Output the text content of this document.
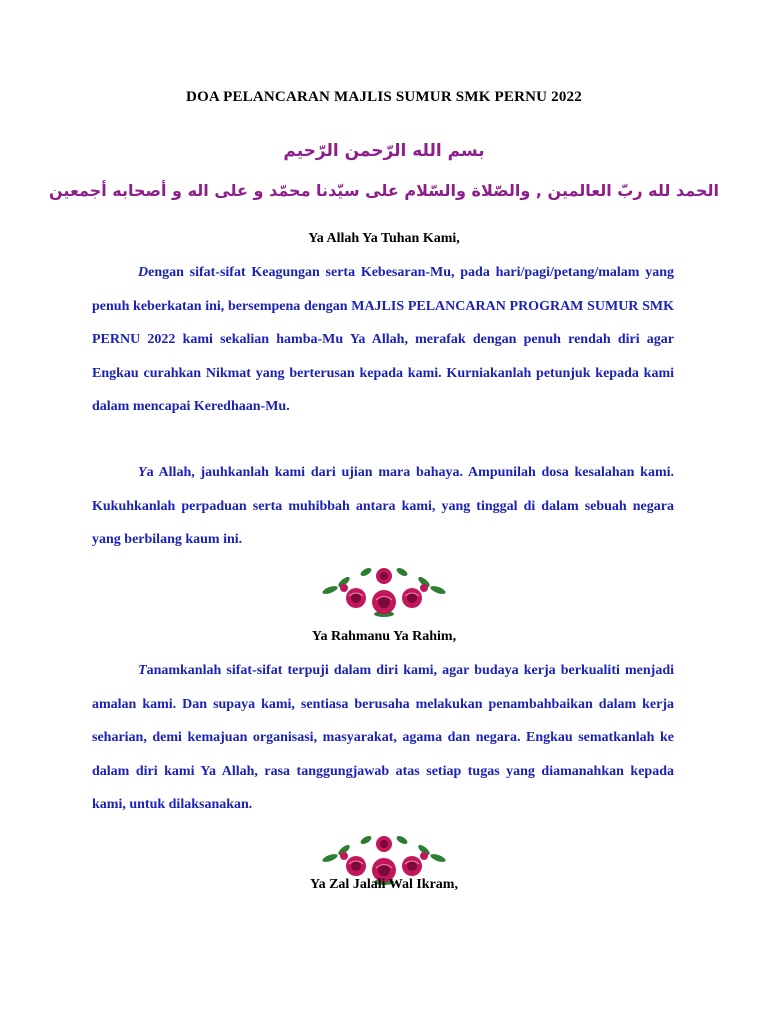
DOA PELANCARAN MAJLIS SUMUR SMK PERNU 2022
بسم الله الرّحمن الرّحيم
الحمد لله ربّ العالمين , والصّلاة والسّلام على سيّدنا محمّد و على اله و أصحابه أجمعين
Ya Allah Ya Tuhan Kami,
Dengan sifat-sifat Keagungan serta Kebesaran-Mu, pada hari/pagi/petang/malam yang penuh keberkatan ini, bersempena dengan MAJLIS PELANCARAN PROGRAM SUMUR SMK PERNU 2022 kami sekalian hamba-Mu Ya Allah, merafak dengan penuh rendah diri agar Engkau curahkan Nikmat yang berterusan kepada kami. Kurniakanlah petunjuk kepada kami dalam mencapai Keredhaan-Mu.
Ya Allah, jauhkanlah kami dari ujian mara bahaya. Ampunilah dosa kesalahan kami. Kukuhkanlah perpaduan serta muhibbah antara kami, yang tinggal di dalam sebuah negara yang berbilang kaum ini.
Ya Rahmanu Ya Rahim,
Tanamkanlah sifat-sifat terpuji dalam diri kami, agar budaya kerja berkualiti menjadi amalan kami. Dan supaya kami, sentiasa berusaha melakukan penambahbaikan dalam kerja seharian, demi kemajuan organisasi, masyarakat, agama dan negara. Engkau sematkanlah ke dalam diri kami Ya Allah, rasa tanggungjawab atas setiap tugas yang diamanahkan kepada kami, untuk dilaksanakan.
Ya Zal Jalali Wal Ikram,
